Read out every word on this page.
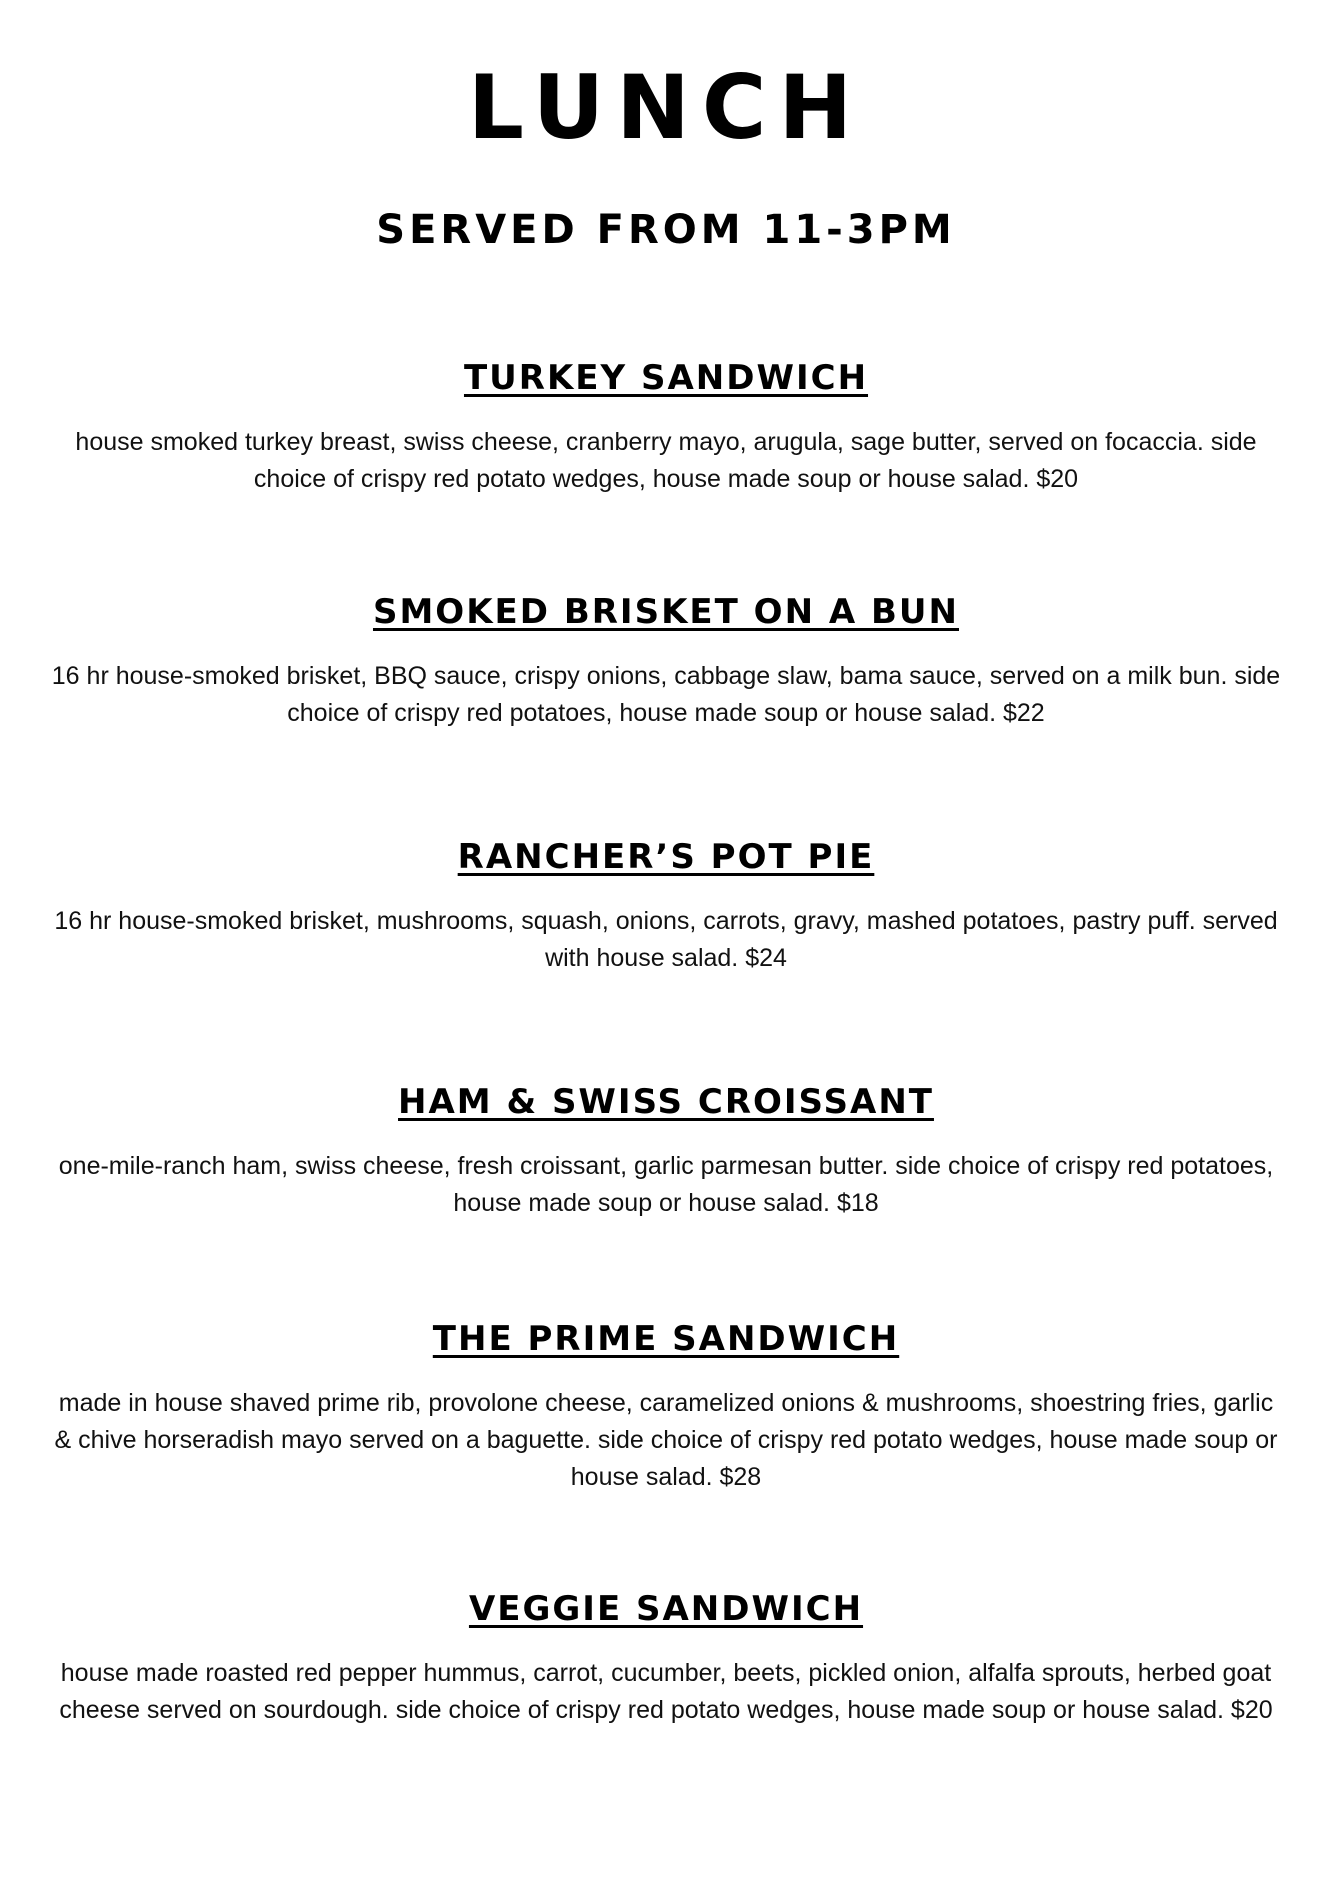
LUNCH
SERVED FROM 11-3PM
TURKEY SANDWICH

house smoked turkey breast, swiss cheese, cranberry mayo, arugula, sage butter, served on focaccia. side choice of crispy red potato wedges, house made soup or house salad. $20

SMOKED BRISKET ON A BUN

16 hr house-smoked brisket, BBQ sauce, crispy onions, cabbage slaw, bama sauce, served on a milk bun. side choice of crispy red potatoes, house made soup or house salad. $22

RANCHER’S POT PIE

16 hr house-smoked brisket, mushrooms, squash, onions, carrots, gravy, mashed potatoes, pastry puff. served with house salad. $24

HAM & SWISS CROISSANT

one-mile-ranch ham, swiss cheese, fresh croissant, garlic parmesan butter. side choice of crispy red potatoes, house made soup or house salad. $18

THE PRIME SANDWICH

made in house shaved prime rib, provolone cheese, caramelized onions & mushrooms, shoestring fries, garlic & chive horseradish mayo served on a baguette. side choice of crispy red potato wedges, house made soup or house salad. $28

VEGGIE SANDWICH

house made roasted red pepper hummus, carrot, cucumber, beets, pickled onion, alfalfa sprouts, herbed goat cheese served on sourdough. side choice of crispy red potato wedges, house made soup or house salad. $20
